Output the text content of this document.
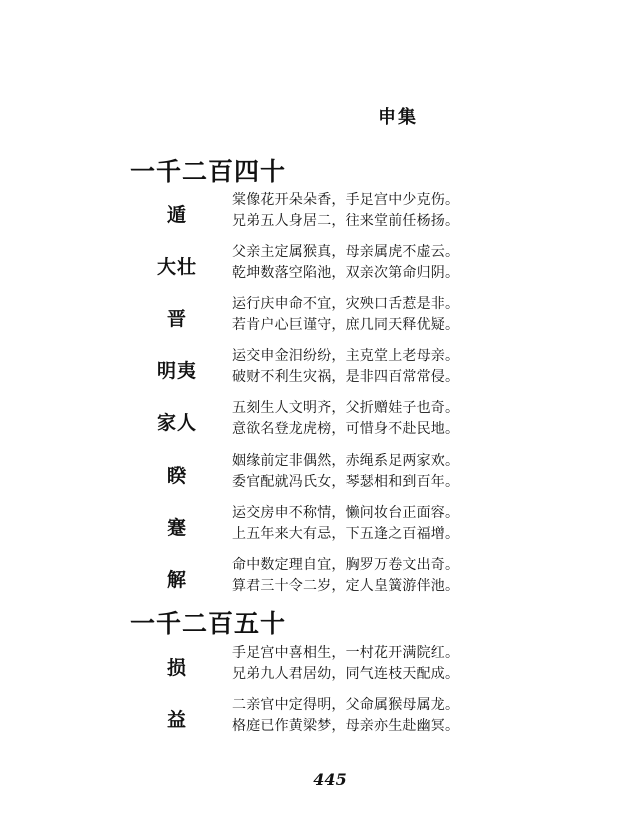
申集
一千二百四十
遁
棠像花开朵朵香，手足宫中少克伤。
兄弟五人身居二，往来堂前任杨扬。
大壮
父亲主定属猴真，母亲属虎不虚云。
乾坤数落空陷池，双亲次第命归阴。
晋
运行庆申命不宜，灾殃口舌惹是非。
若肯户心巨谨守，庶几同天释优疑。
明夷
运交申金汨纷纷，主克堂上老母亲。
破财不利生灾祸，是非四百常常侵。
家人
五刻生人文明齐，父折赠娃子也奇。
意欲名登龙虎榜，可惜身不赴民地。
睽
姻缘前定非偶然，赤绳系足两家欢。
委官配就冯氏女，琴瑟相和到百年。
蹇
运交房申不称情，懒问妆台正面容。
上五年来大有忌，下五逢之百福增。
解
命中数定理自宜，胸罗万卷文出奇。
算君三十令二岁，定人皇簧游伴池。
一千二百五十
损
手足宫中喜相生，一村花开满院红。
兄弟九人君居幼，同气连枝天配成。
益
二亲官中定得明，父命属猴母属龙。
格庭已作黄梁梦，母亲亦生赴幽冥。
445
